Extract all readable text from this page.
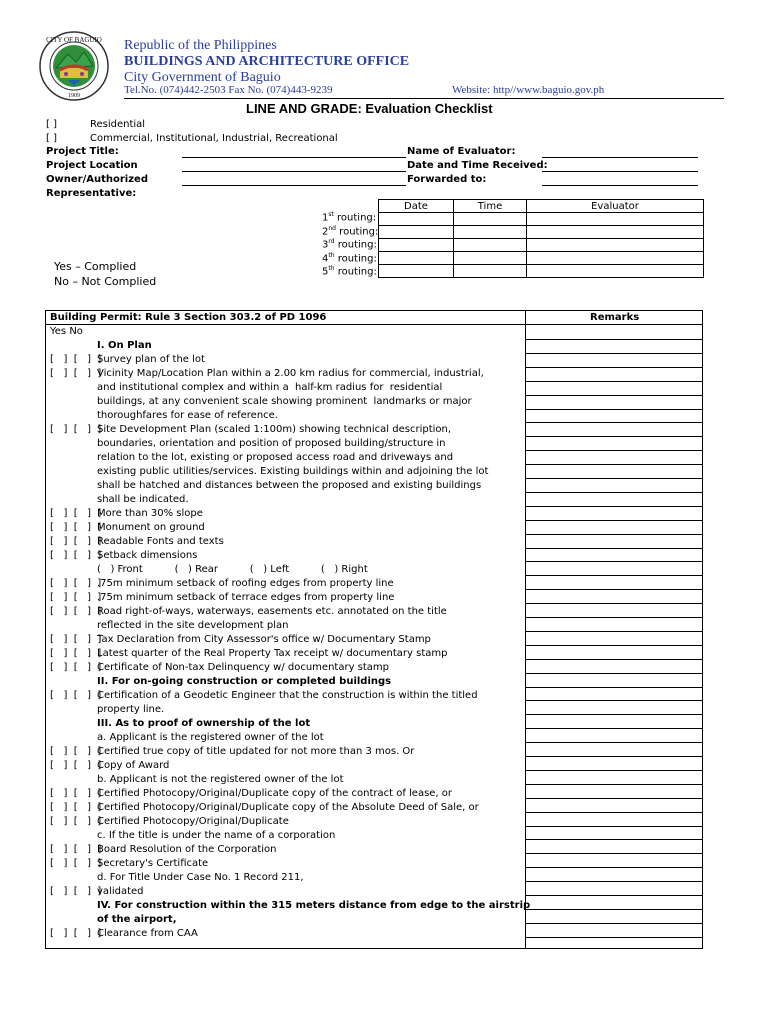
CITY OF BAGUIO
1909
Republic of the Philippines
BUILDINGS AND ARCHITECTURE OFFICE
City Government of Baguio
Tel.No. (074)442-2503 Fax No. (074)443-9239	Website: http//www.baguio.gov.ph
LINE AND GRADE: Evaluation Checklist
[ ]	Residential
[ ]	Commercial, Institutional, Industrial, Recreational
Project Title:
Project Location
Owner/Authorized
Representative:
Name of Evaluator:
Date and Time Received:
Forwarded to:
Date	Time	Evaluator

1st routing:
2nd routing:
3rd routing:
4th routing:
5th routing:
Yes – Complied
No – Not Complied
Building Permit: Rule 3 Section 303.2 of PD 1096	Remarks
Yes No
I. On Plan
[   ]  [   ]  ]Survey plan of the lot
[   ]  [   ]  ]Vicinity Map/Location Plan within a 2.00 km radius for commercial, industrial,
and institutional complex and within a  half-km radius for  residential
buildings, at any convenient scale showing prominent  landmarks or major
thoroughfares for ease of reference.
[   ]  [   ]  ]Site Development Plan (scaled 1:100m) showing technical description,
boundaries, orientation and position of proposed building/structure in
relation to the lot, existing or proposed access road and driveways and
existing public utilities/services. Existing buildings within and adjoining the lot
shall be hatched and distances between the proposed and existing buildings
shall be indicated.
[   ]  [   ]  ]More than 30% slope
[   ]  [   ]  ]Monument on ground
[   ]  [   ]  ]Readable Fonts and texts
[   ]  [   ]  ]Setback dimensions
(   ) Front          (   ) Rear          (   ) Left          (   ) Right
[   ]  [   ]  ].75m minimum setback of roofing edges from property line
[   ]  [   ]  ].75m minimum setback of terrace edges from property line
[   ]  [   ]  ]Road right-of-ways, waterways, easements etc. annotated on the title
reflected in the site development plan
[   ]  [   ]  ]Tax Declaration from City Assessor's office w/ Documentary Stamp
[   ]  [   ]  ]Latest quarter of the Real Property Tax receipt w/ documentary stamp
[   ]  [   ]  ]Certificate of Non-tax Delinquency w/ documentary stamp
II. For on-going construction or completed buildings
[   ]  [   ]  ]Certification of a Geodetic Engineer that the construction is within the titled
property line.
III. As to proof of ownership of the lot
a. Applicant is the registered owner of the lot
[   ]  [   ]  ]Certified true copy of title updated for not more than 3 mos. Or
[   ]  [   ]  ]Copy of Award
b. Applicant is not the registered owner of the lot
[   ]  [   ]  ]Certified Photocopy/Original/Duplicate copy of the contract of lease, or
[   ]  [   ]  ]Certified Photocopy/Original/Duplicate copy of the Absolute Deed of Sale, or
[   ]  [   ]  ]Certified Photocopy/Original/Duplicate
c. If the title is under the name of a corporation
[   ]  [   ]  ]Board Resolution of the Corporation
[   ]  [   ]  ]Secretary's Certificate
d. For Title Under Case No. 1 Record 211,
[   ]  [   ]  ]validated
IV. For construction within the 315 meters distance from edge to the airstrip
of the airport,
[   ]  [   ]  ]Clearance from CAA
